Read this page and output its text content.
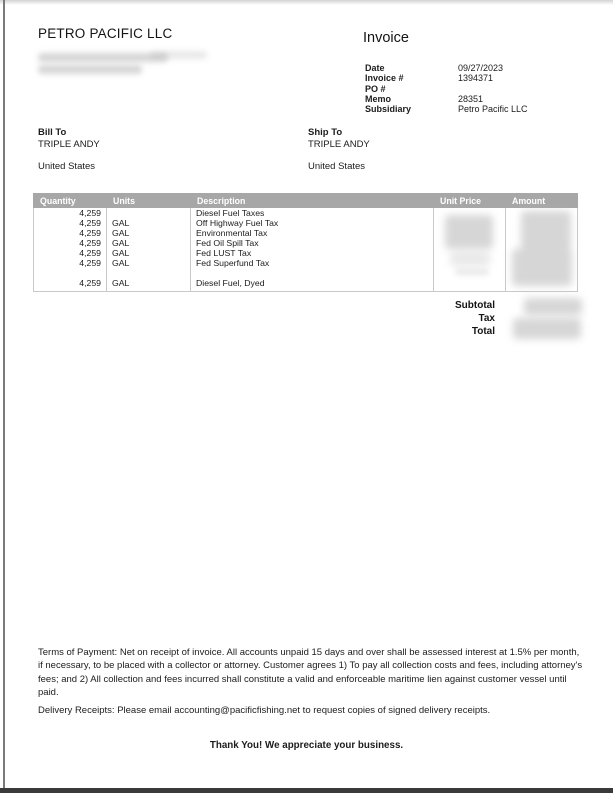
PETRO PACIFIC LLC	Invoice
Date	09/27/2023
Invoice #	1394371
PO #
Memo	28351
Subsidiary	Petro Pacific LLC
Bill To
TRIPLE ANDY
United States
Ship To
TRIPLE ANDY
United States
Quantity	Units	Description	Unit Price	Amount
4,259		Diesel Fuel Taxes		
4,259	GAL	Off Highway Fuel Tax		
4,259	GAL	Environmental Tax		
4,259	GAL	Fed Oil Spill Tax		
4,259	GAL	Fed LUST Tax		
4,259	GAL	Fed Superfund Tax		

4,259	GAL	Diesel Fuel, Dyed		

Subtotal
Tax
Total
Terms of Payment: Net on receipt of invoice. All accounts unpaid 15 days and over shall be assessed interest at 1.5% per month, if necessary, to be placed with a collector or attorney. Customer agrees 1) To pay all collection costs and fees, including attorney's fees; and 2) All collection and fees incurred shall constitute a valid and enforceable maritime lien against customer vessel until paid.
Delivery Receipts: Please email accounting@pacificfishing.net to request copies of signed delivery receipts.
Thank You! We appreciate your business.
